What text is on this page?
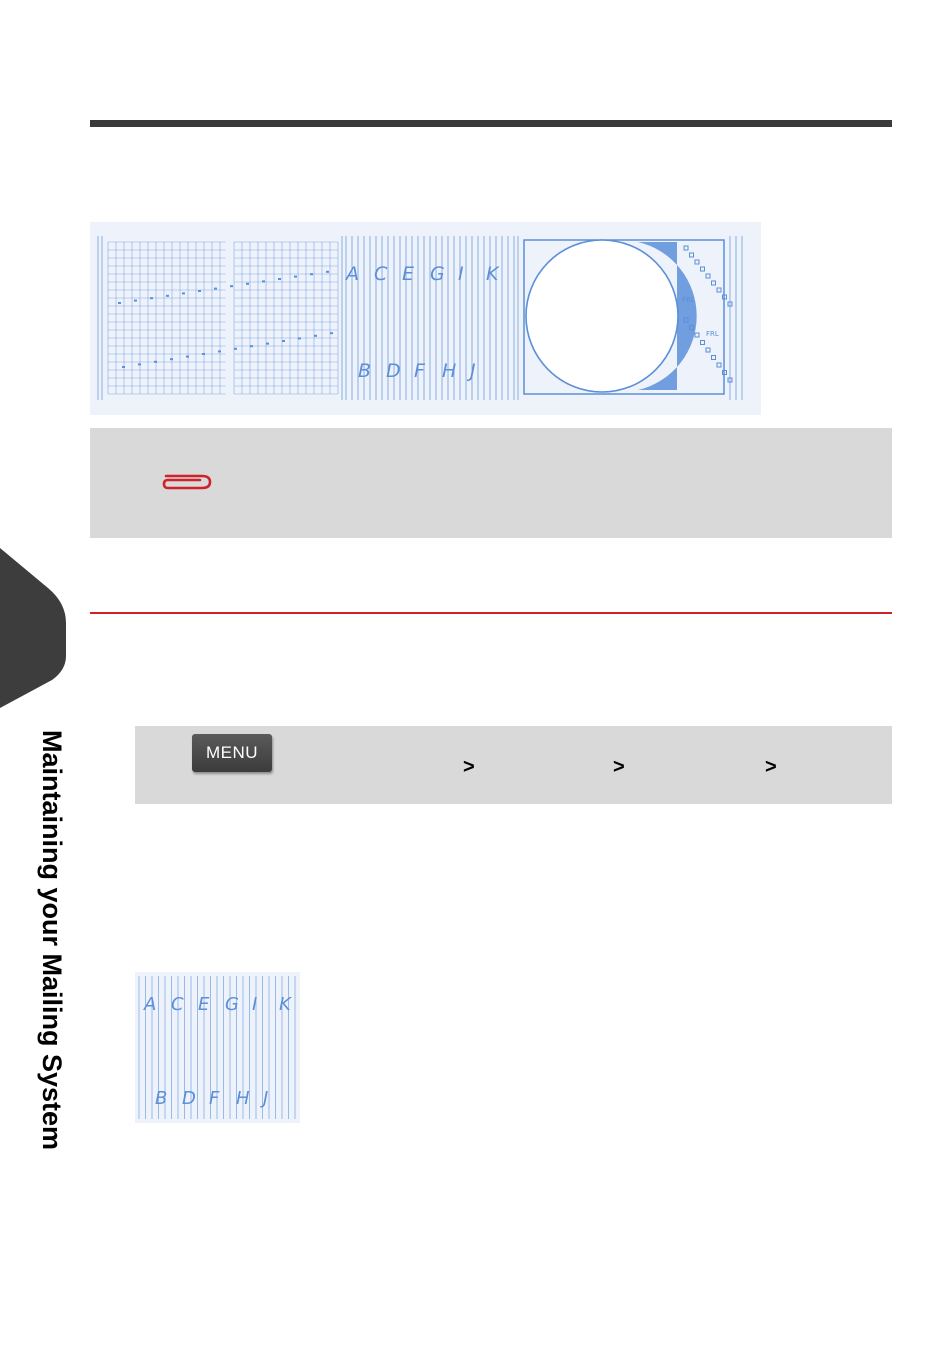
A C E G I K
B D F H J
FRL
FRL
MENU
>	>	>
Maintaining your Mailing System	A C E G I K
B D F H J
